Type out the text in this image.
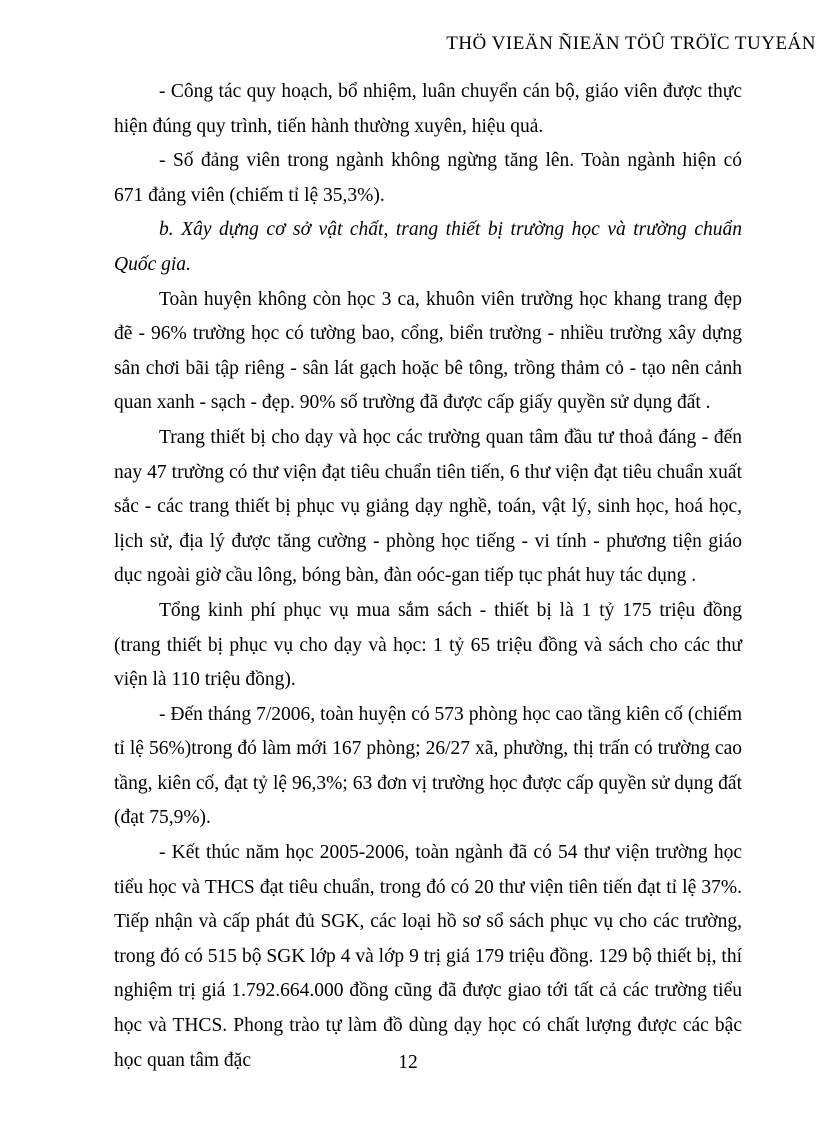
THÖ VIEÄN ÑIEÄN TÖÛ TRÖÏC TUYEÁN

- Công tác quy hoạch, bổ nhiệm, luân chuyển cán bộ, giáo viên được thực hiện đúng quy trình, tiến hành thường xuyên, hiệu quả.

- Số đảng viên trong ngành không ngừng tăng lên. Toàn ngành hiện có 671 đảng viên (chiếm tỉ lệ 35,3%).

b. Xây dựng cơ sở vật chất, trang thiết bị trường học và trường chuẩn Quốc gia.

Toàn huyện không còn học 3 ca, khuôn viên trường học khang trang đẹp đẽ - 96% trường học có tường bao, cổng, biển trường - nhiều trường xây dựng sân chơi bãi tập riêng - sân lát gạch hoặc bê tông, trồng thảm cỏ - tạo nên cảnh quan xanh - sạch - đẹp. 90% số trường đã được cấp giấy quyền sử dụng đất .

Trang thiết bị cho dạy và học các trường quan tâm đầu tư thoả đáng - đến nay 47 trường có thư viện đạt tiêu chuẩn tiên tiến, 6 thư viện đạt tiêu chuẩn xuất sắc - các trang thiết bị phục vụ giảng dạy nghề, toán, vật lý, sinh học, hoá học, lịch sử, địa lý được tăng cường - phòng học tiếng - vi tính - phương tiện giáo dục ngoài giờ cầu lông, bóng bàn, đàn oóc-gan tiếp tục phát huy tác dụng .

Tổng kinh phí phục vụ mua sắm sách - thiết bị là 1 tỷ 175 triệu đồng (trang thiết bị phục vụ cho dạy và học: 1 tỷ 65 triệu đồng và sách cho các thư viện là 110 triệu đồng).

- Đến tháng 7/2006, toàn huyện có 573 phòng học cao tầng kiên cố (chiếm tỉ lệ 56%)trong đó làm mới 167 phòng; 26/27 xã, phường, thị trấn có trường cao tầng, kiên cố, đạt tỷ lệ 96,3%; 63 đơn vị trường học được cấp quyền sử dụng đất (đạt 75,9%).

- Kết thúc năm học 2005-2006, toàn ngành đã có 54 thư viện trường học tiểu học và THCS đạt tiêu chuẩn, trong đó có 20 thư viện tiên tiến đạt tỉ lệ 37%. Tiếp nhận và cấp phát đủ SGK, các loại hồ sơ sổ sách phục vụ cho các trường, trong đó có 515 bộ SGK lớp 4 và lớp 9 trị giá 179 triệu đồng. 129 bộ thiết bị, thí nghiệm trị giá 1.792.664.000 đồng cũng đã được giao tới tất cả các trường tiểu học và THCS. Phong trào tự làm đồ dùng dạy học có chất lượng được các bậc học quan tâm đặc	12
